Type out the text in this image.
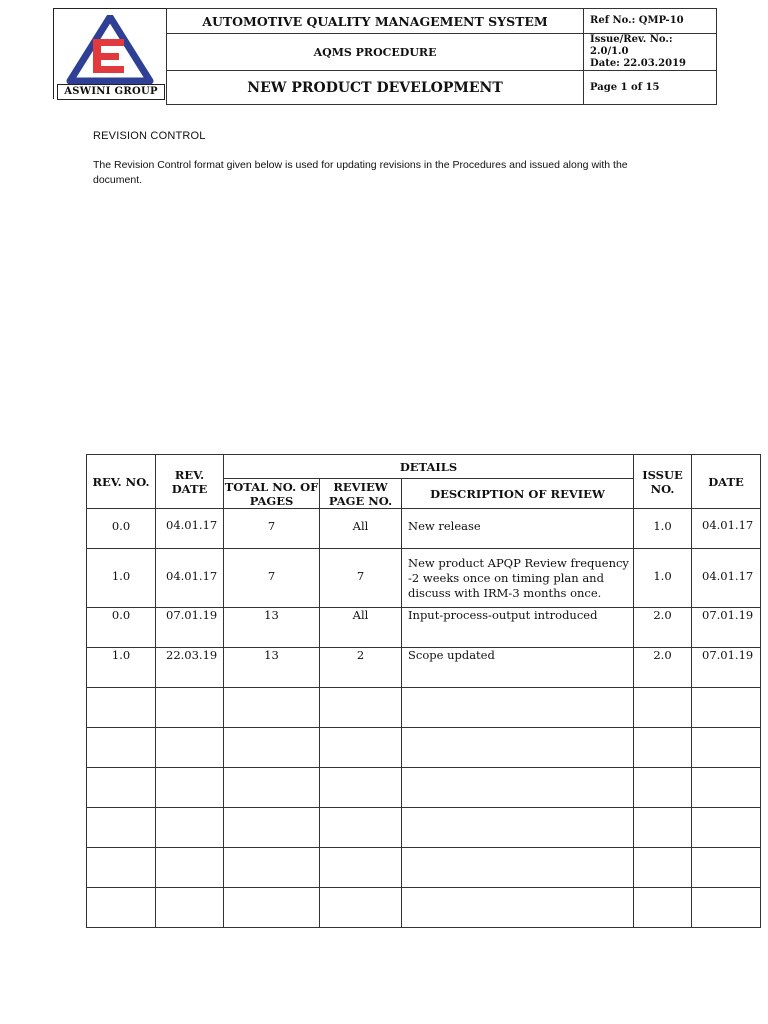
ASWINI GROUP
AUTOMOTIVE QUALITY MANAGEMENT SYSTEM	Ref No.: QMP-10
AQMS PROCEDURE	Issue/Rev. No.: 2.0/1.0
Date: 22.03.2019

NEW PRODUCT DEVELOPMENT	Page 1 of 15
REVISION CONTROL
The Revision Control format given below is used for updating revisions in the Procedures and issued along with the document.
REV. NO.	REV. DATE	DETAILS			ISSUE NO.	DATE
		TOTAL NO. OF PAGES	REVIEW PAGE NO.	DESCRIPTION OF REVIEW		
0.0	04.01.17	7	All	New release	1.0	04.01.17
1.0	04.01.17	7	7	New product APQP Review frequency -2 weeks once on timing plan and discuss with IRM-3 months once.	1.0	04.01.17
0.0	07.01.19	13	All	Input-process-output introduced	2.0	07.01.19
1.0	22.03.19	13	2	Scope updated	2.0	07.01.19
